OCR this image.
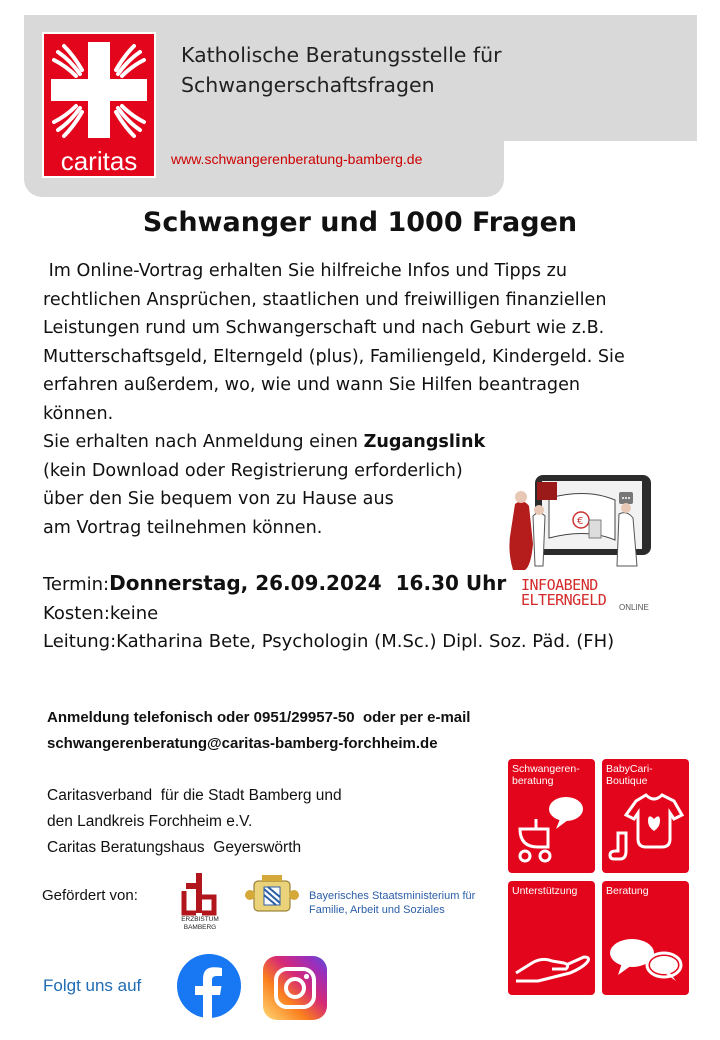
caritas
Katholische Beratungsstelle für
Schwangerschaftsfragen
www.schwangerenberatung-bamberg.de
Schwanger und 1000 Fragen
Im Online-Vortrag erhalten Sie hilfreiche Infos und Tipps zu
rechtlichen Ansprüchen, staatlichen und freiwilligen finanziellen
Leistungen rund um Schwangerschaft und nach Geburt wie z.B.
Mutterschaftsgeld, Elterngeld (plus), Familiengeld, Kindergeld. Sie
erfahren außerdem, wo, wie und wann Sie Hilfen beantragen
können.
Sie erhalten nach Anmeldung einen Zugangslink
(kein Download oder Registrierung erforderlich)
über den Sie bequem von zu Hause aus
am Vortrag teilnehmen können.	€
INFOABEND
ELTERNGELD ONLINE
Termin:Donnerstag, 26.09.2024  16.30 Uhr
Kosten:keine
Leitung:Katharina Bete, Psychologin (M.Sc.) Dipl. Soz. Päd. (FH)
Anmeldung telefonisch oder 0951/29957-50  oder per e-mail
schwangerenberatung@caritas-bamberg-forchheim.de
Caritasverband  für die Stadt Bamberg und
den Landkreis Forchheim e.V.
Caritas Beratungshaus  Geyerswörth
Gefördert von:
ERZBISTUM
BAMBERG
Bayerisches Staatsministerium für
Familie, Arbeit und Soziales
Folgt uns auf
Schwangeren-
beratung
BabyCari-
Boutique
Unterstützung	Beratung
